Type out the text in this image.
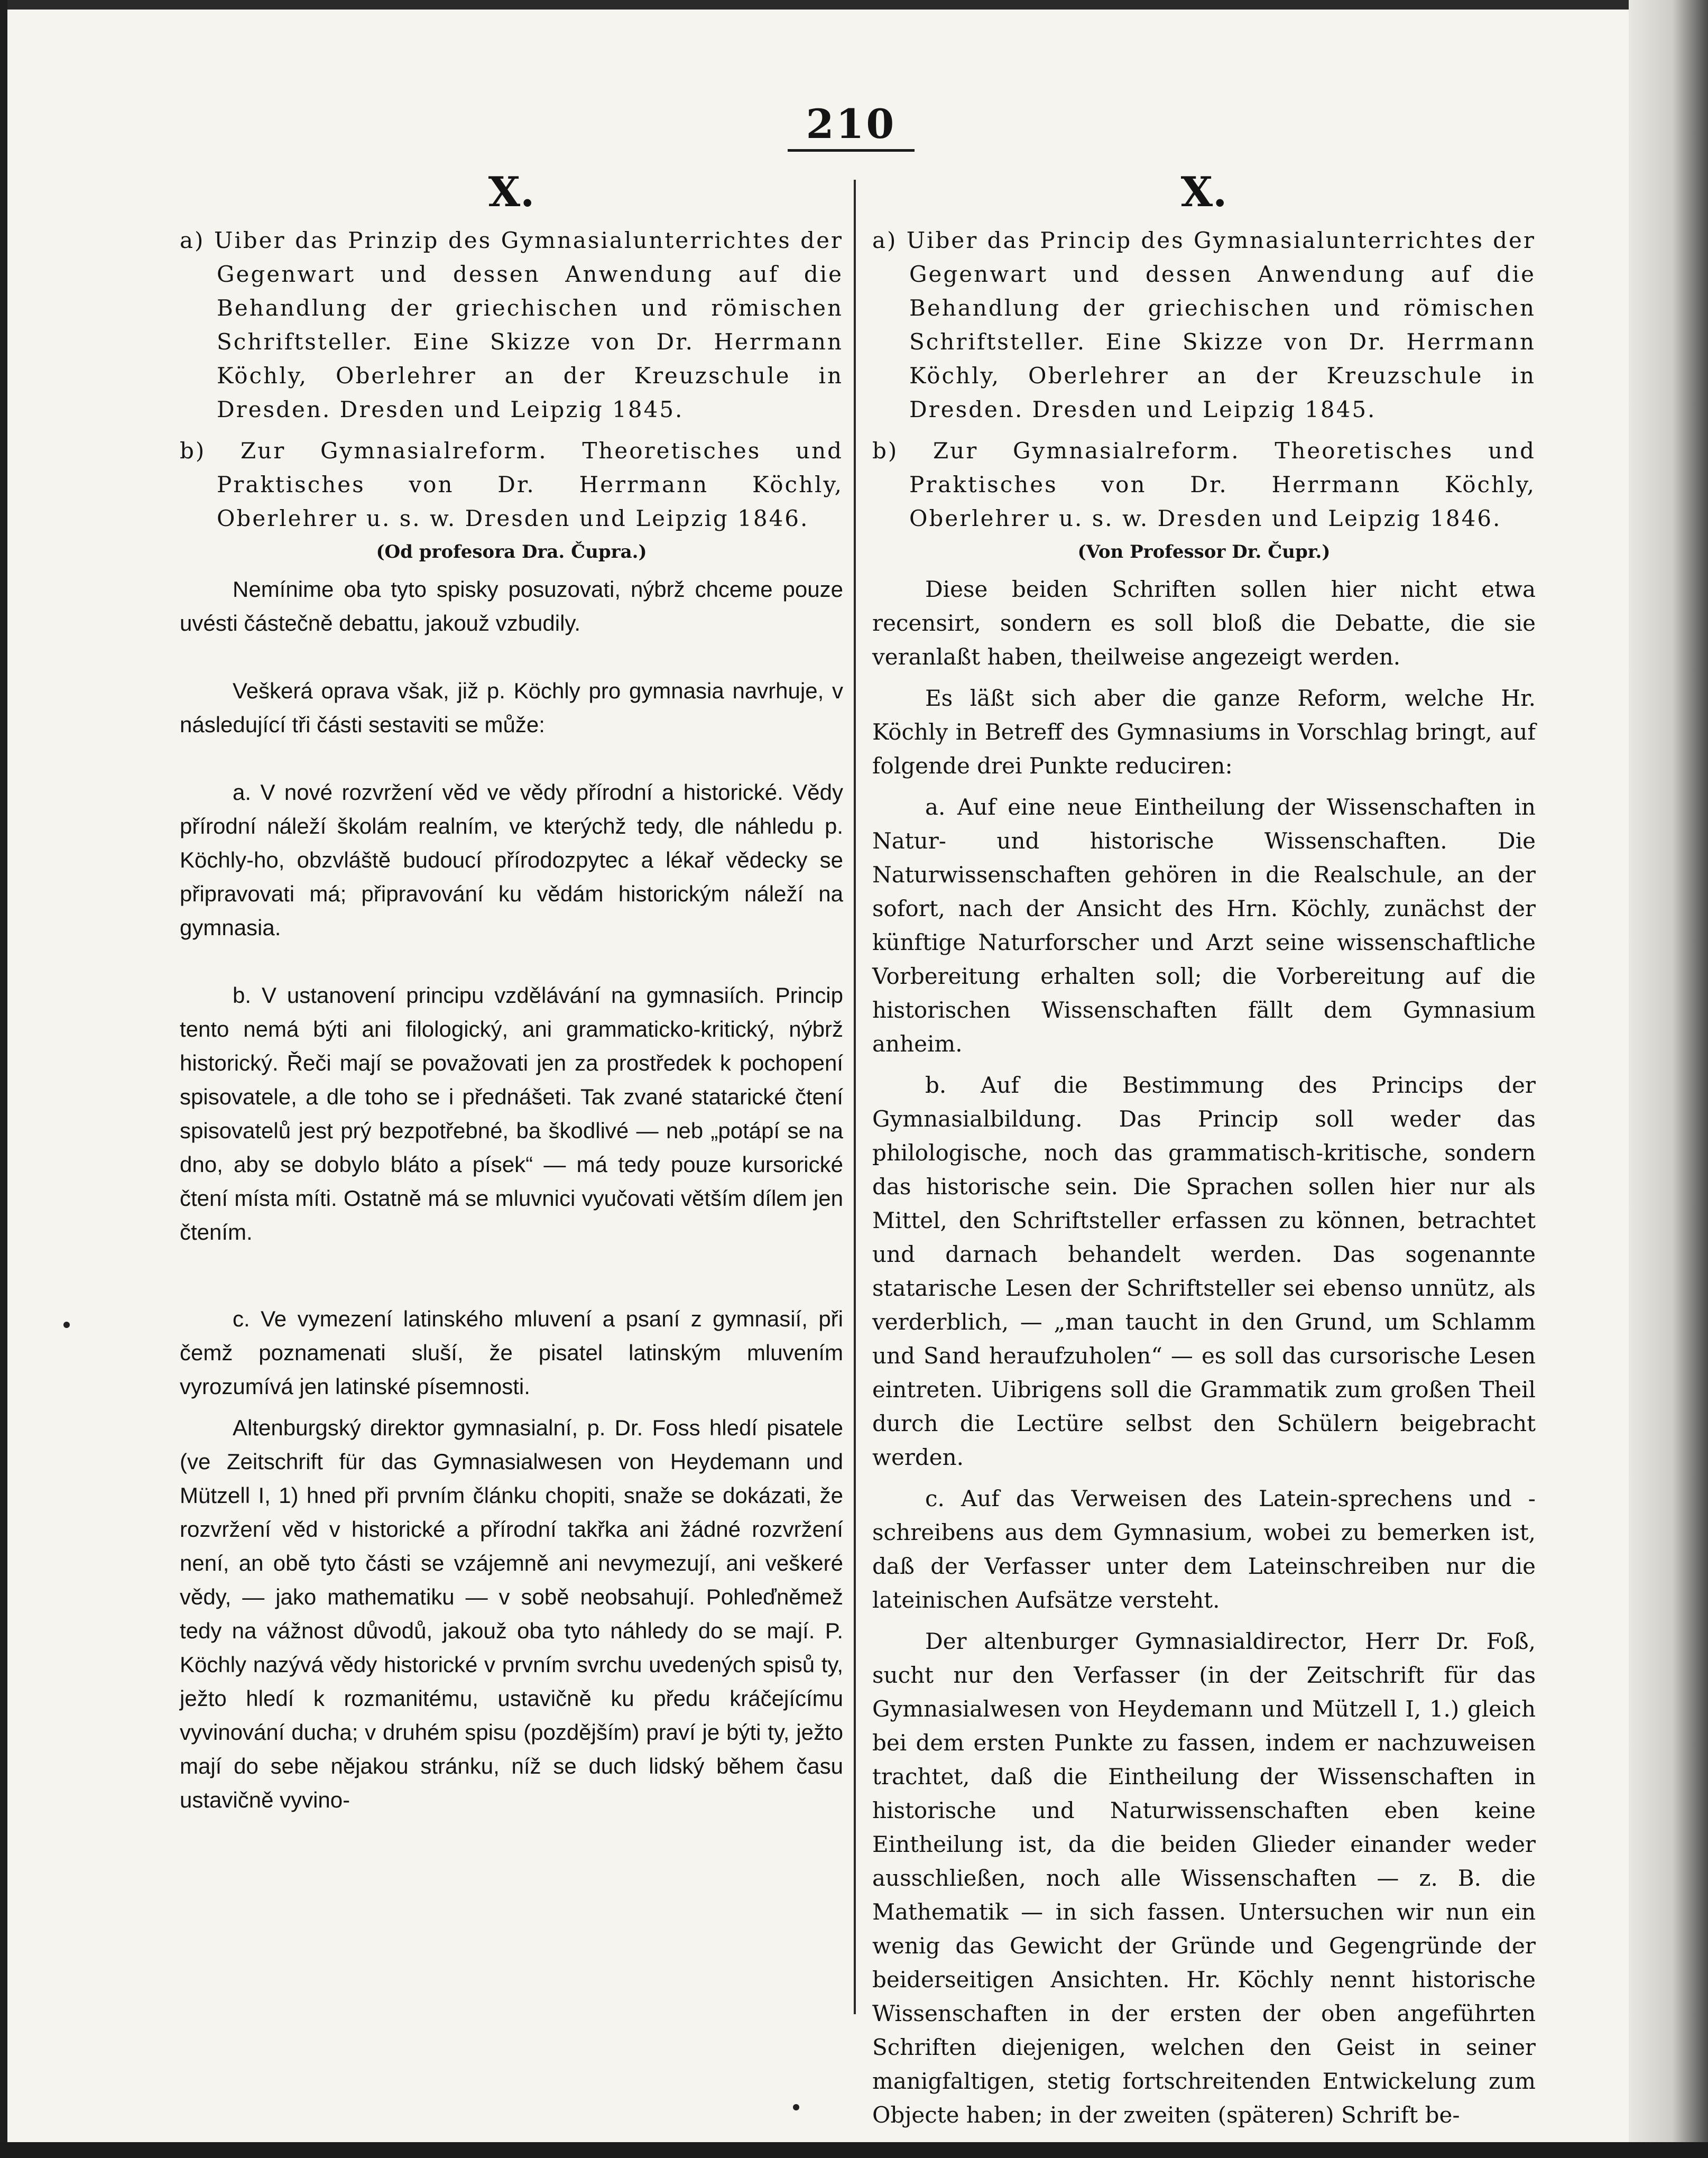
210
X.

a) Uiber das Prinzip des Gymnasialunterrichtes der Gegenwart und dessen Anwendung auf die Behandlung der griechischen und römischen Schriftsteller. Eine Skizze von Dr. Herrmann Köchly, Oberlehrer an der Kreuzschule in Dresden. Dresden und Leipzig 1845.

b) Zur Gymnasialreform. Theoretisches und Praktisches von Dr. Herrmann Köchly, Oberlehrer u. s. w. Dresden und Leipzig 1846.

(Od profesora Dra. Čupra.)

Nemínime oba tyto spisky posuzovati, nýbrž chceme pouze uvésti částečně debattu, jakouž vzbudily.

Veškerá oprava však, již p. Köchly pro gymnasia navrhuje, v následující tři části sestaviti se může:

a. V nové rozvržení věd ve vědy přírodní a historické. Vědy přírodní náleží školám realním, ve kterýchž tedy, dle náhledu p. Köchly-ho, obzvláště budoucí přírodozpytec a lékař vědecky se připravovati má; připravování ku vědám historickým náleží na gymnasia.

b. V ustanovení principu vzdělávání na gymnasiích. Princip tento nemá býti ani filologický, ani grammaticko-kritický, nýbrž historický. Řeči mají se považovati jen za prostředek k pochopení spisovatele, a dle toho se i přednášeti. Tak zvané statarické čtení spisovatelů jest prý bezpotřebné, ba škodlivé — neb „potápí se na dno, aby se dobylo bláto a písek“ — má tedy pouze kursorické čtení místa míti. Ostatně má se mluvnici vyučovati větším dílem jen čtením.

c. Ve vymezení latinského mluvení a psaní z gymnasií, při čemž poznamenati sluší, že pisatel latinským mluvením vyrozumívá jen latinské písemnosti.

Altenburgský direktor gymnasialní, p. Dr. Foss hledí pisatele (ve Zeitschrift für das Gymnasialwesen von Heydemann und Mützell I, 1) hned při prvním článku chopiti, snaže se dokázati, že rozvržení věd v historické a přírodní takřka ani žádné rozvržení není, an obě tyto části se vzájemně ani nevymezují, ani veškeré vědy, — jako mathematiku — v sobě neobsahují. Pohleďněmež tedy na vážnost důvodů, jakouž oba tyto náhledy do se mají. P. Köchly nazývá vědy historické v prvním svrchu uvedených spisů ty, ježto hledí k rozmanitému, ustavičně ku předu kráčejícímu vyvinování ducha; v druhém spisu (pozdějším) praví je býti ty, ježto mají do sebe nějakou stránku, níž se duch lidský během času ustavičně vyvino-

X.

a) Uiber das Princip des Gymnasialunterrichtes der Gegenwart und dessen Anwendung auf die Behandlung der griechischen und römischen Schriftsteller. Eine Skizze von Dr. Herrmann Köchly, Oberlehrer an der Kreuzschule in Dresden. Dresden und Leipzig 1845.

b) Zur Gymnasialreform. Theoretisches und Praktisches von Dr. Herrmann Köchly, Oberlehrer u. s. w. Dresden und Leipzig 1846.

(Von Professor Dr. Čupr.)

Diese beiden Schriften sollen hier nicht etwa recensirt, sondern es soll bloß die Debatte, die sie veranlaßt haben, theilweise angezeigt werden.

Es läßt sich aber die ganze Reform, welche Hr. Köchly in Betreff des Gymnasiums in Vorschlag bringt, auf folgende drei Punkte reduciren:

a. Auf eine neue Eintheilung der Wissenschaften in Natur- und historische Wissenschaften. Die Naturwissenschaften gehören in die Realschule, an der sofort, nach der Ansicht des Hrn. Köchly, zunächst der künftige Naturforscher und Arzt seine wissenschaftliche Vorbereitung erhalten soll; die Vorbereitung auf die historischen Wissenschaften fällt dem Gymnasium anheim.

b. Auf die Bestimmung des Princips der Gymnasialbildung. Das Princip soll weder das philologische, noch das grammatisch-kritische, sondern das historische sein. Die Sprachen sollen hier nur als Mittel, den Schriftsteller erfassen zu können, betrachtet und darnach behandelt werden. Das sogenannte statarische Lesen der Schriftsteller sei ebenso unnütz, als verderblich, — „man taucht in den Grund, um Schlamm und Sand heraufzuholen“ — es soll das cursorische Lesen eintreten. Uibrigens soll die Grammatik zum großen Theil durch die Lectüre selbst den Schülern beigebracht werden.

c. Auf das Verweisen des Latein-sprechens und -schreibens aus dem Gymnasium, wobei zu bemerken ist, daß der Verfasser unter dem Lateinschreiben nur die lateinischen Aufsätze versteht.

Der altenburger Gymnasialdirector, Herr Dr. Foß, sucht nur den Verfasser (in der Zeitschrift für das Gymnasialwesen von Heydemann und Mützell I, 1.) gleich bei dem ersten Punkte zu fassen, indem er nachzuweisen trachtet, daß die Eintheilung der Wissenschaften in historische und Naturwissenschaften eben keine Eintheilung ist, da die beiden Glieder einander weder ausschließen, noch alle Wissenschaften — z. B. die Mathematik — in sich fassen. Untersuchen wir nun ein wenig das Gewicht der Gründe und Gegengründe der beiderseitigen Ansichten. Hr. Köchly nennt historische Wissenschaften in der ersten der oben angeführten Schriften diejenigen, welchen den Geist in seiner manigfaltigen, stetig fortschreitenden Entwickelung zum Objecte haben; in der zweiten (späteren) Schrift be-
